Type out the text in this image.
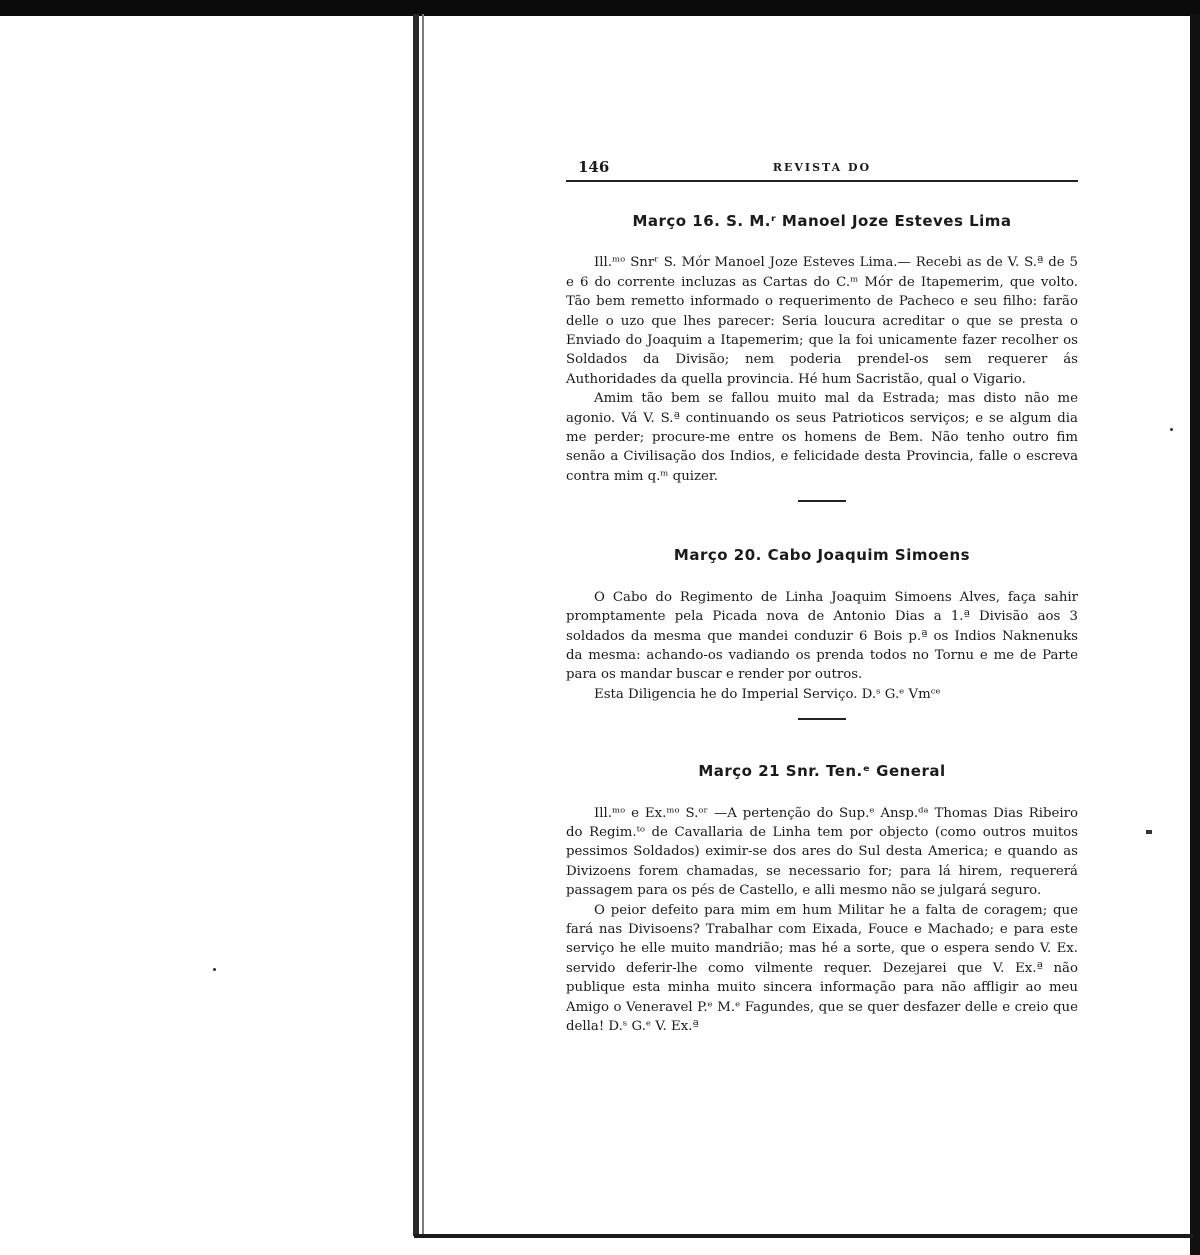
146	REVISTA DO
Março 16. S. M.ʳ Manoel Joze Esteves Lima

Ill.ᵐᵒ Snrʳ S. Mór Manoel Joze Esteves Lima.— Recebi as de V. S.ª de 5 e 6 do corrente incluzas as Cartas do C.ᵐ Mór de Itapemerim, que volto. Tão bem remetto informado o requerimento de Pacheco e seu filho: farão delle o uzo que lhes parecer: Seria loucura acreditar o que se presta o Enviado do Joaquim a Itapemerim; que la foi unicamente fazer recolher os Soldados da Divisão; nem poderia prendel-os sem requerer ás Authoridades da quella provincia. Hé hum Sacristão, qual o Vigario.

Amim tão bem se fallou muito mal da Estrada; mas disto não me agonio. Vá V. S.ª continuando os seus Patrioticos serviços; e se algum dia me perder; procure-me entre os homens de Bem. Não tenho outro fim senão a Civilisação dos Indios, e felicidade desta Provincia, falle o escreva contra mim q.ᵐ quizer.

Março 20. Cabo Joaquim Simoens

O Cabo do Regimento de Linha Joaquim Simoens Alves, faça sahir promptamente pela Picada nova de Antonio Dias a 1.ª Divisão aos 3 soldados da mesma que mandei conduzir 6 Bois p.ª os Indios Naknenuks da mesma: achando-os vadiando os prenda todos no Tornu e me de Parte para os mandar buscar e render por outros.

Esta Diligencia he do Imperial Serviço. D.ˢ G.ᵉ Vmᶜᵉ

Março 21 Snr. Ten.ᵉ General

Ill.ᵐᵒ e Ex.ᵐᵒ S.ᵒʳ —A pertenção do Sup.ᵉ Ansp.ᵈᵃ Thomas Dias Ribeiro do Regim.ᵗᵒ de Cavallaria de Linha tem por objecto (como outros muitos pessimos Soldados) eximir-se dos ares do Sul desta America; e quando as Divizoens forem chamadas, se necessario for; para lá hirem, requererá passagem para os pés de Castello, e alli mesmo não se julgará seguro.

O peior defeito para mim em hum Militar he a falta de coragem; que fará nas Divisoens? Trabalhar com Eixada, Fouce e Machado; e para este serviço he elle muito mandrião; mas hé a sorte, que o espera sendo V. Ex. servido deferir-lhe como vilmente requer. Dezejarei que V. Ex.ª não publique esta minha muito sincera informação para não affligir ao meu Amigo o Veneravel P.ᵉ M.ᵉ Fagundes, que se quer desfazer delle e creio que della! D.ˢ G.ᵉ V. Ex.ª
